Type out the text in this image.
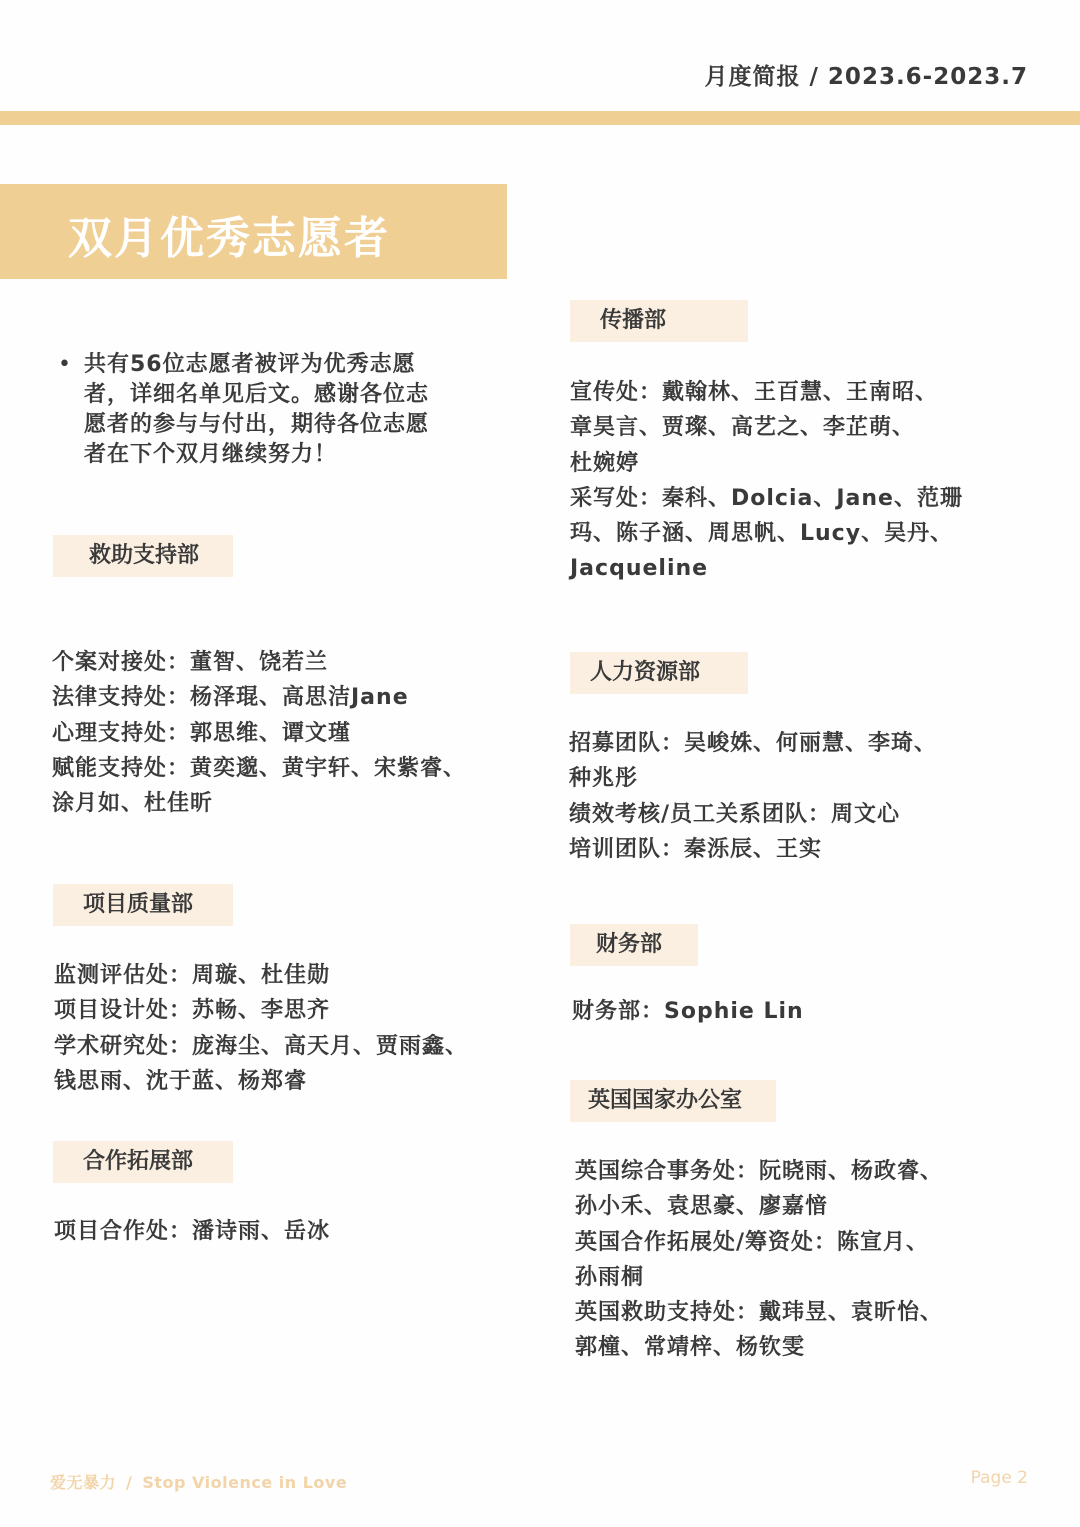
月度简报 / 2023.6-2023.7
双月优秀志愿者
• 共有56位志愿者被评为优秀志愿
者，详细名单见后文。感谢各位志
愿者的参与与付出，期待各位志愿
者在下个双月继续努力！
救助支持部
个案对接处：董智、饶若兰
法律支持处：杨泽琨、高思洁Jane
心理支持处：郭思维、谭文瑾
赋能支持处：黄奕邈、黄宇轩、宋紫睿、
涂月如、杜佳昕
项目质量部
监测评估处：周璇、杜佳勋
项目设计处：苏畅、李思齐
学术研究处：庞海尘、高天月、贾雨鑫、
钱思雨、沈于蓝、杨郑睿
合作拓展部
项目合作处：潘诗雨、岳冰
传播部
宣传处：戴翰林、王百慧、王南昭、
章昊言、贾璨、高艺之、李芷萌、
杜婉婷
采写处：秦科、Dolcia、Jane、范珊
玛、陈子涵、周思帆、Lucy、吴丹、
Jacqueline
人力资源部
招募团队：吴峻姝、何丽慧、李琦、
种兆彤
绩效考核/员工关系团队：周文心
培训团队：秦泺辰、王实
财务部
财务部：Sophie Lin
英国国家办公室
英国综合事务处：阮晓雨、杨政睿、
孙小禾、袁思豪、廖嘉愔
英国合作拓展处/筹资处：陈宣月、
孙雨桐
英国救助支持处：戴玮昱、袁昕怡、
郭橦、常靖梓、杨钦雯
爱无暴力 / Stop Violence in Love	Page 2
